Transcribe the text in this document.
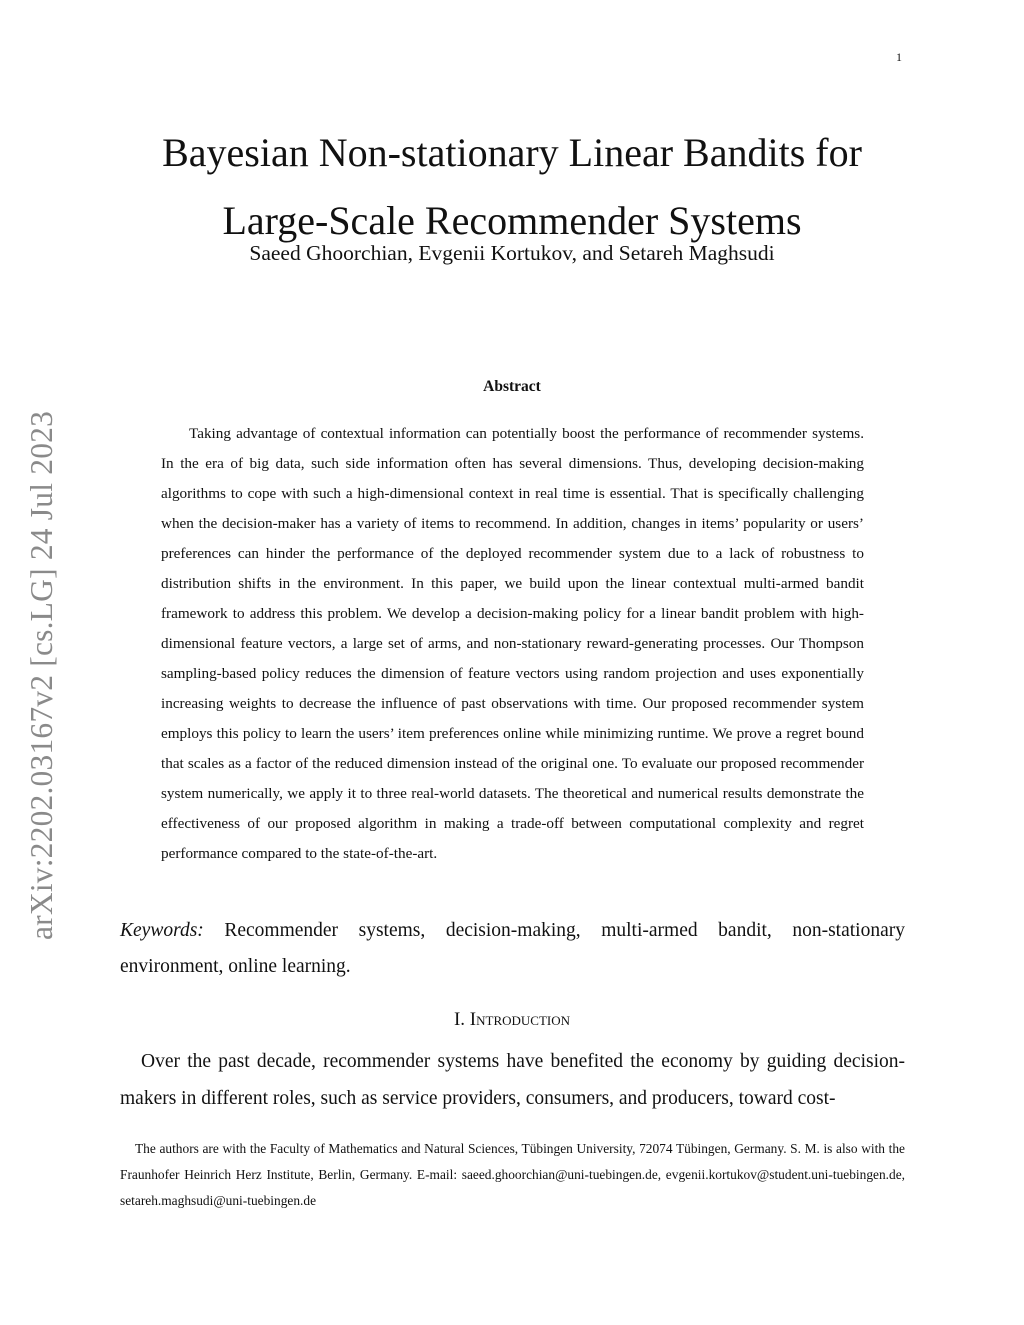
1
arXiv:2202.03167v2 [cs.LG] 24 Jul 2023
Bayesian Non-stationary Linear Bandits for
Large-Scale Recommender Systems
Saeed Ghoorchian, Evgenii Kortukov, and Setareh Maghsudi
Abstract

Taking advantage of contextual information can potentially boost the performance of recommender systems. In the era of big data, such side information often has several dimensions. Thus, developing decision-making algorithms to cope with such a high-dimensional context in real time is essential. That is specifically challenging when the decision-maker has a variety of items to recommend. In addition, changes in items’ popularity or users’ preferences can hinder the performance of the deployed recommender system due to a lack of robustness to distribution shifts in the environment. In this paper, we build upon the linear contextual multi-armed bandit framework to address this problem. We develop a decision-making policy for a linear bandit problem with high-dimensional feature vectors, a large set of arms, and non-stationary reward-generating processes. Our Thompson sampling-based policy reduces the dimension of feature vectors using random projection and uses exponentially increasing weights to decrease the influence of past observations with time. Our proposed recommender system employs this policy to learn the users’ item preferences online while minimizing runtime. We prove a regret bound that scales as a factor of the reduced dimension instead of the original one. To evaluate our proposed recommender system numerically, we apply it to three real-world datasets. The theoretical and numerical results demonstrate the effectiveness of our proposed algorithm in making a trade-off between computational complexity and regret performance compared to the state-of-the-art.

Keywords: Recommender systems, decision-making, multi-armed bandit, non-stationary environment, online learning.

I. Introduction

Over the past decade, recommender systems have benefited the economy by guiding decision-makers in different roles, such as service providers, consumers, and producers, toward cost-

The authors are with the Faculty of Mathematics and Natural Sciences, Tübingen University, 72074 Tübingen, Germany. S. M. is also with the Fraunhofer Heinrich Herz Institute, Berlin, Germany. E-mail: saeed.ghoorchian@uni-tuebingen.de, evgenii.kortukov@student.uni-tuebingen.de, setareh.maghsudi@uni-tuebingen.de
